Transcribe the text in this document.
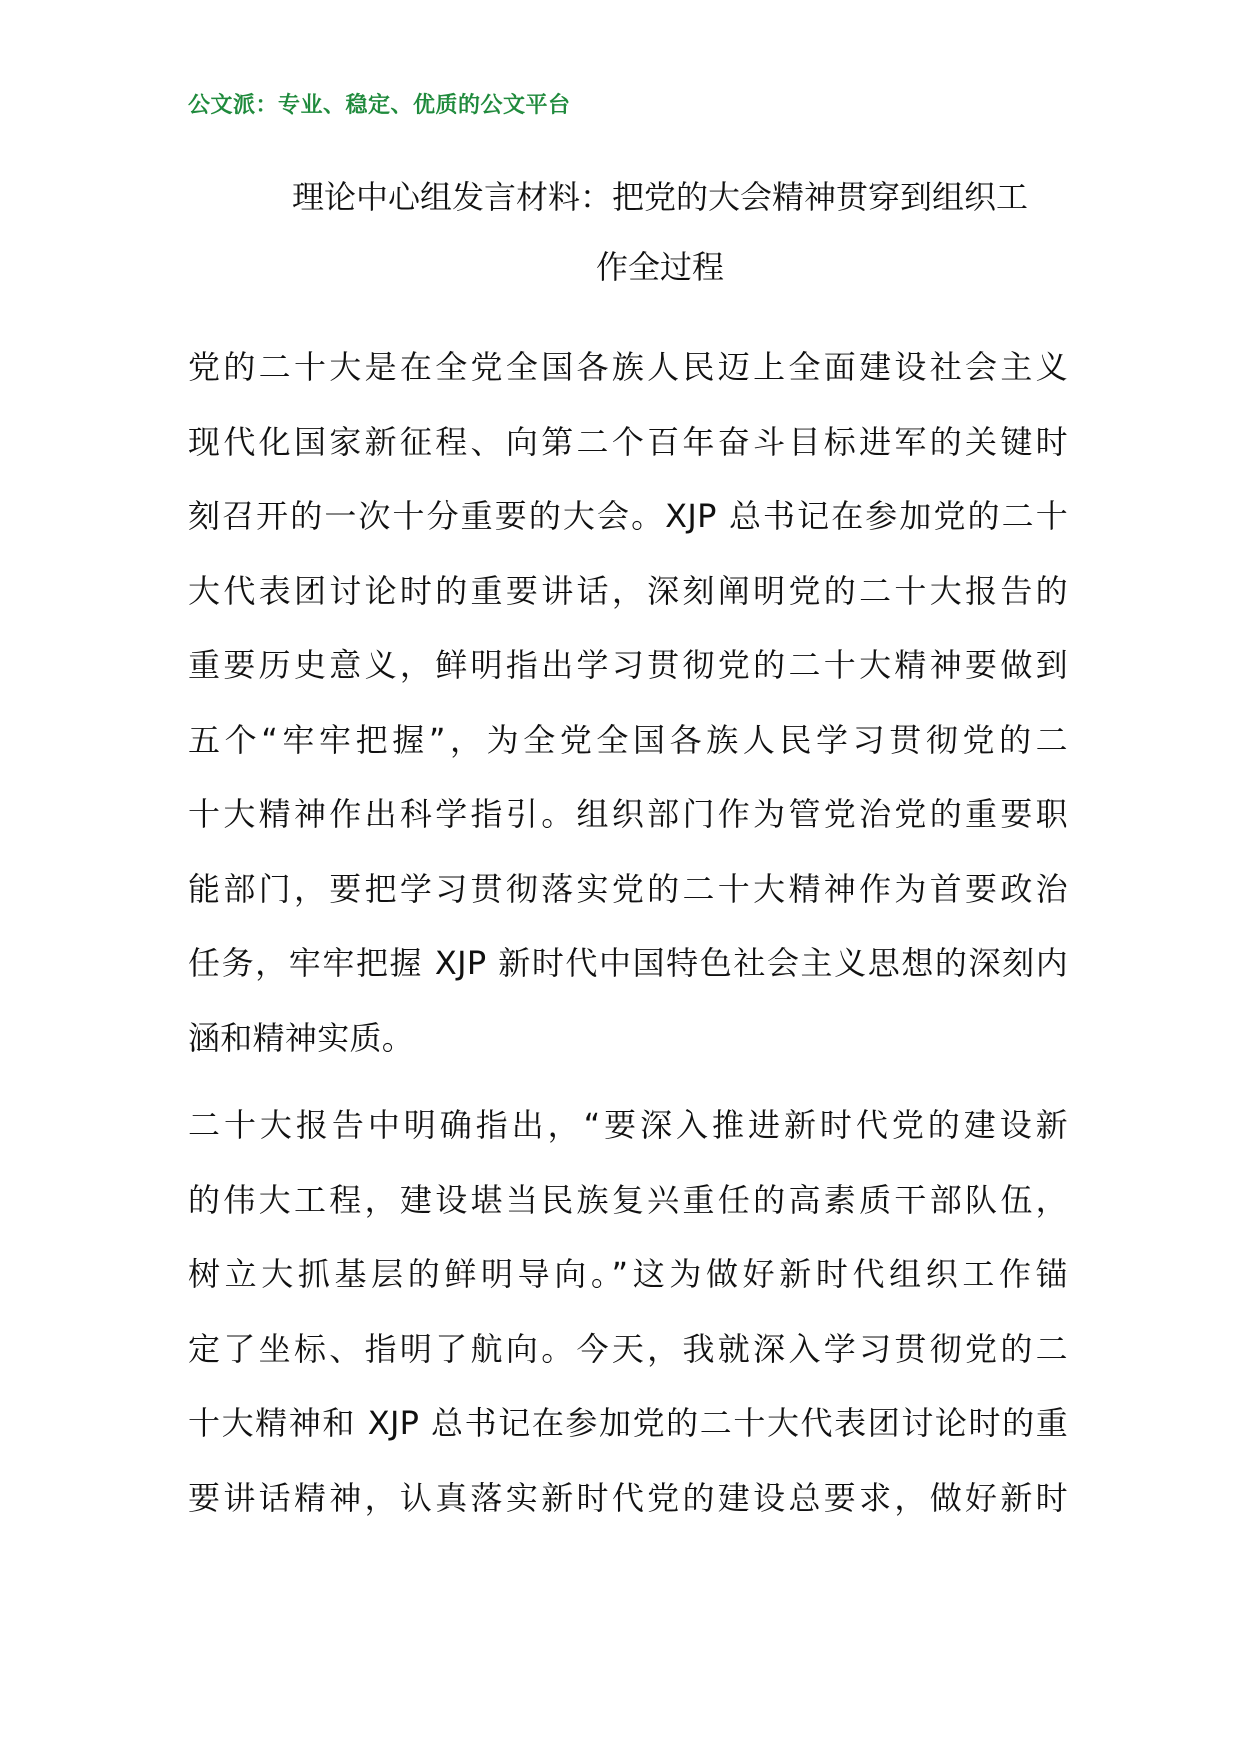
公文派：专业、稳定、优质的公文平台
理论中心组发言材料：把党的大会精神贯穿到组织工
作全过程
党的二十大是在全党全国各族人民迈上全面建设社会主义
现代化国家新征程、向第二个百年奋斗目标进军的关键时
刻召开的一次十分重要的大会。XJP 总书记在参加党的二十
大代表团讨论时的重要讲话，深刻阐明党的二十大报告的
重要历史意义，鲜明指出学习贯彻党的二十大精神要做到
五个“牢牢把握”，为全党全国各族人民学习贯彻党的二
十大精神作出科学指引。组织部门作为管党治党的重要职
能部门，要把学习贯彻落实党的二十大精神作为首要政治
任务，牢牢把握 XJP 新时代中国特色社会主义思想的深刻内
涵和精神实质。
二十大报告中明确指出，“要深入推进新时代党的建设新
的伟大工程，建设堪当民族复兴重任的高素质干部队伍，
树立大抓基层的鲜明导向。”这为做好新时代组织工作锚
定了坐标、指明了航向。今天，我就深入学习贯彻党的二
十大精神和 XJP 总书记在参加党的二十大代表团讨论时的重
要讲话精神，认真落实新时代党的建设总要求，做好新时
